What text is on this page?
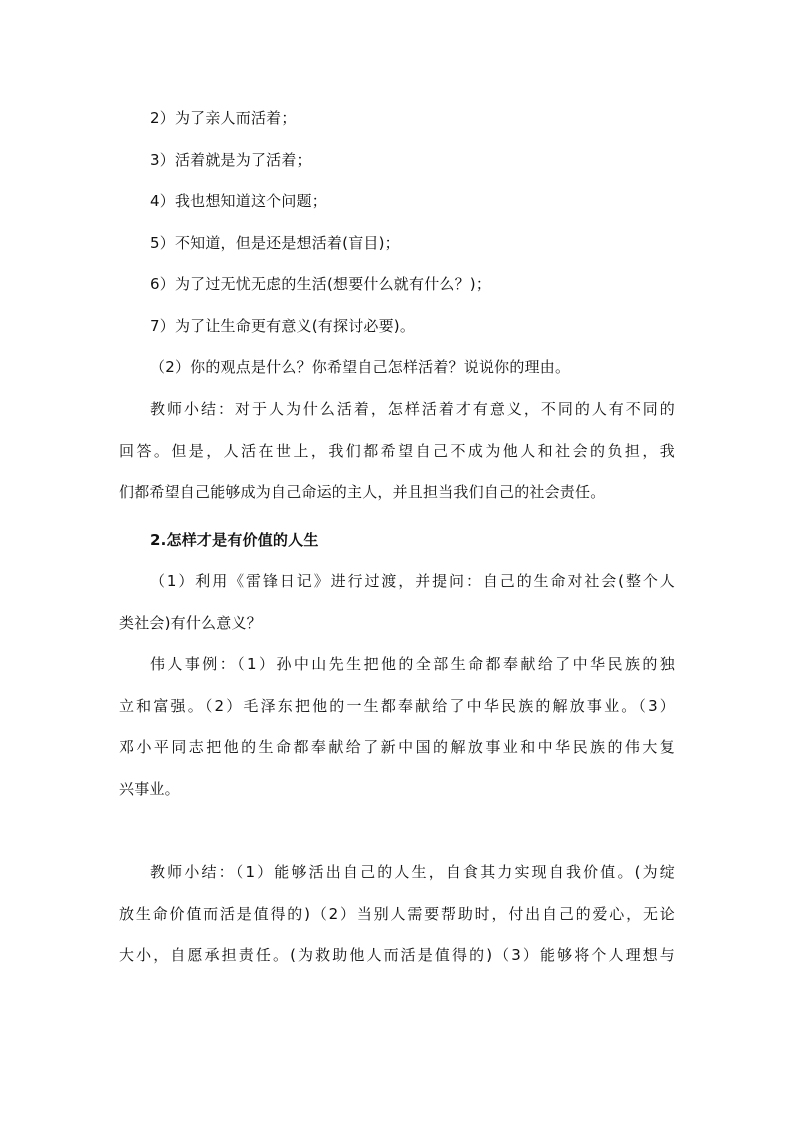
2）为了亲人而活着；
3）活着就是为了活着；
4）我也想知道这个问题；
5）不知道，但是还是想活着(盲目)；
6）为了过无忧无虑的生活(想要什么就有什么？)；
7）为了让生命更有意义(有探讨必要)。
（2）你的观点是什么？你希望自己怎样活着？说说你的理由。
教师小结：对于人为什么活着，怎样活着才有意义，不同的人有不同的
回答。但是，人活在世上，我们都希望自己不成为他人和社会的负担，我
们都希望自己能够成为自己命运的主人，并且担当我们自己的社会责任。
2.怎样才是有价值的人生
（1）利用《雷锋日记》进行过渡，并提问：自己的生命对社会(整个人
类社会)有什么意义？
伟人事例：（1）孙中山先生把他的全部生命都奉献给了中华民族的独
立和富强。（2）毛泽东把他的一生都奉献给了中华民族的解放事业。（3）
邓小平同志把他的生命都奉献给了新中国的解放事业和中华民族的伟大复
兴事业。
教师小结：（1）能够活出自己的人生，自食其力实现自我价值。(为绽
放生命价值而活是值得的)（2）当别人需要帮助时，付出自己的爱心，无论
大小，自愿承担责任。(为救助他人而活是值得的)（3）能够将个人理想与
